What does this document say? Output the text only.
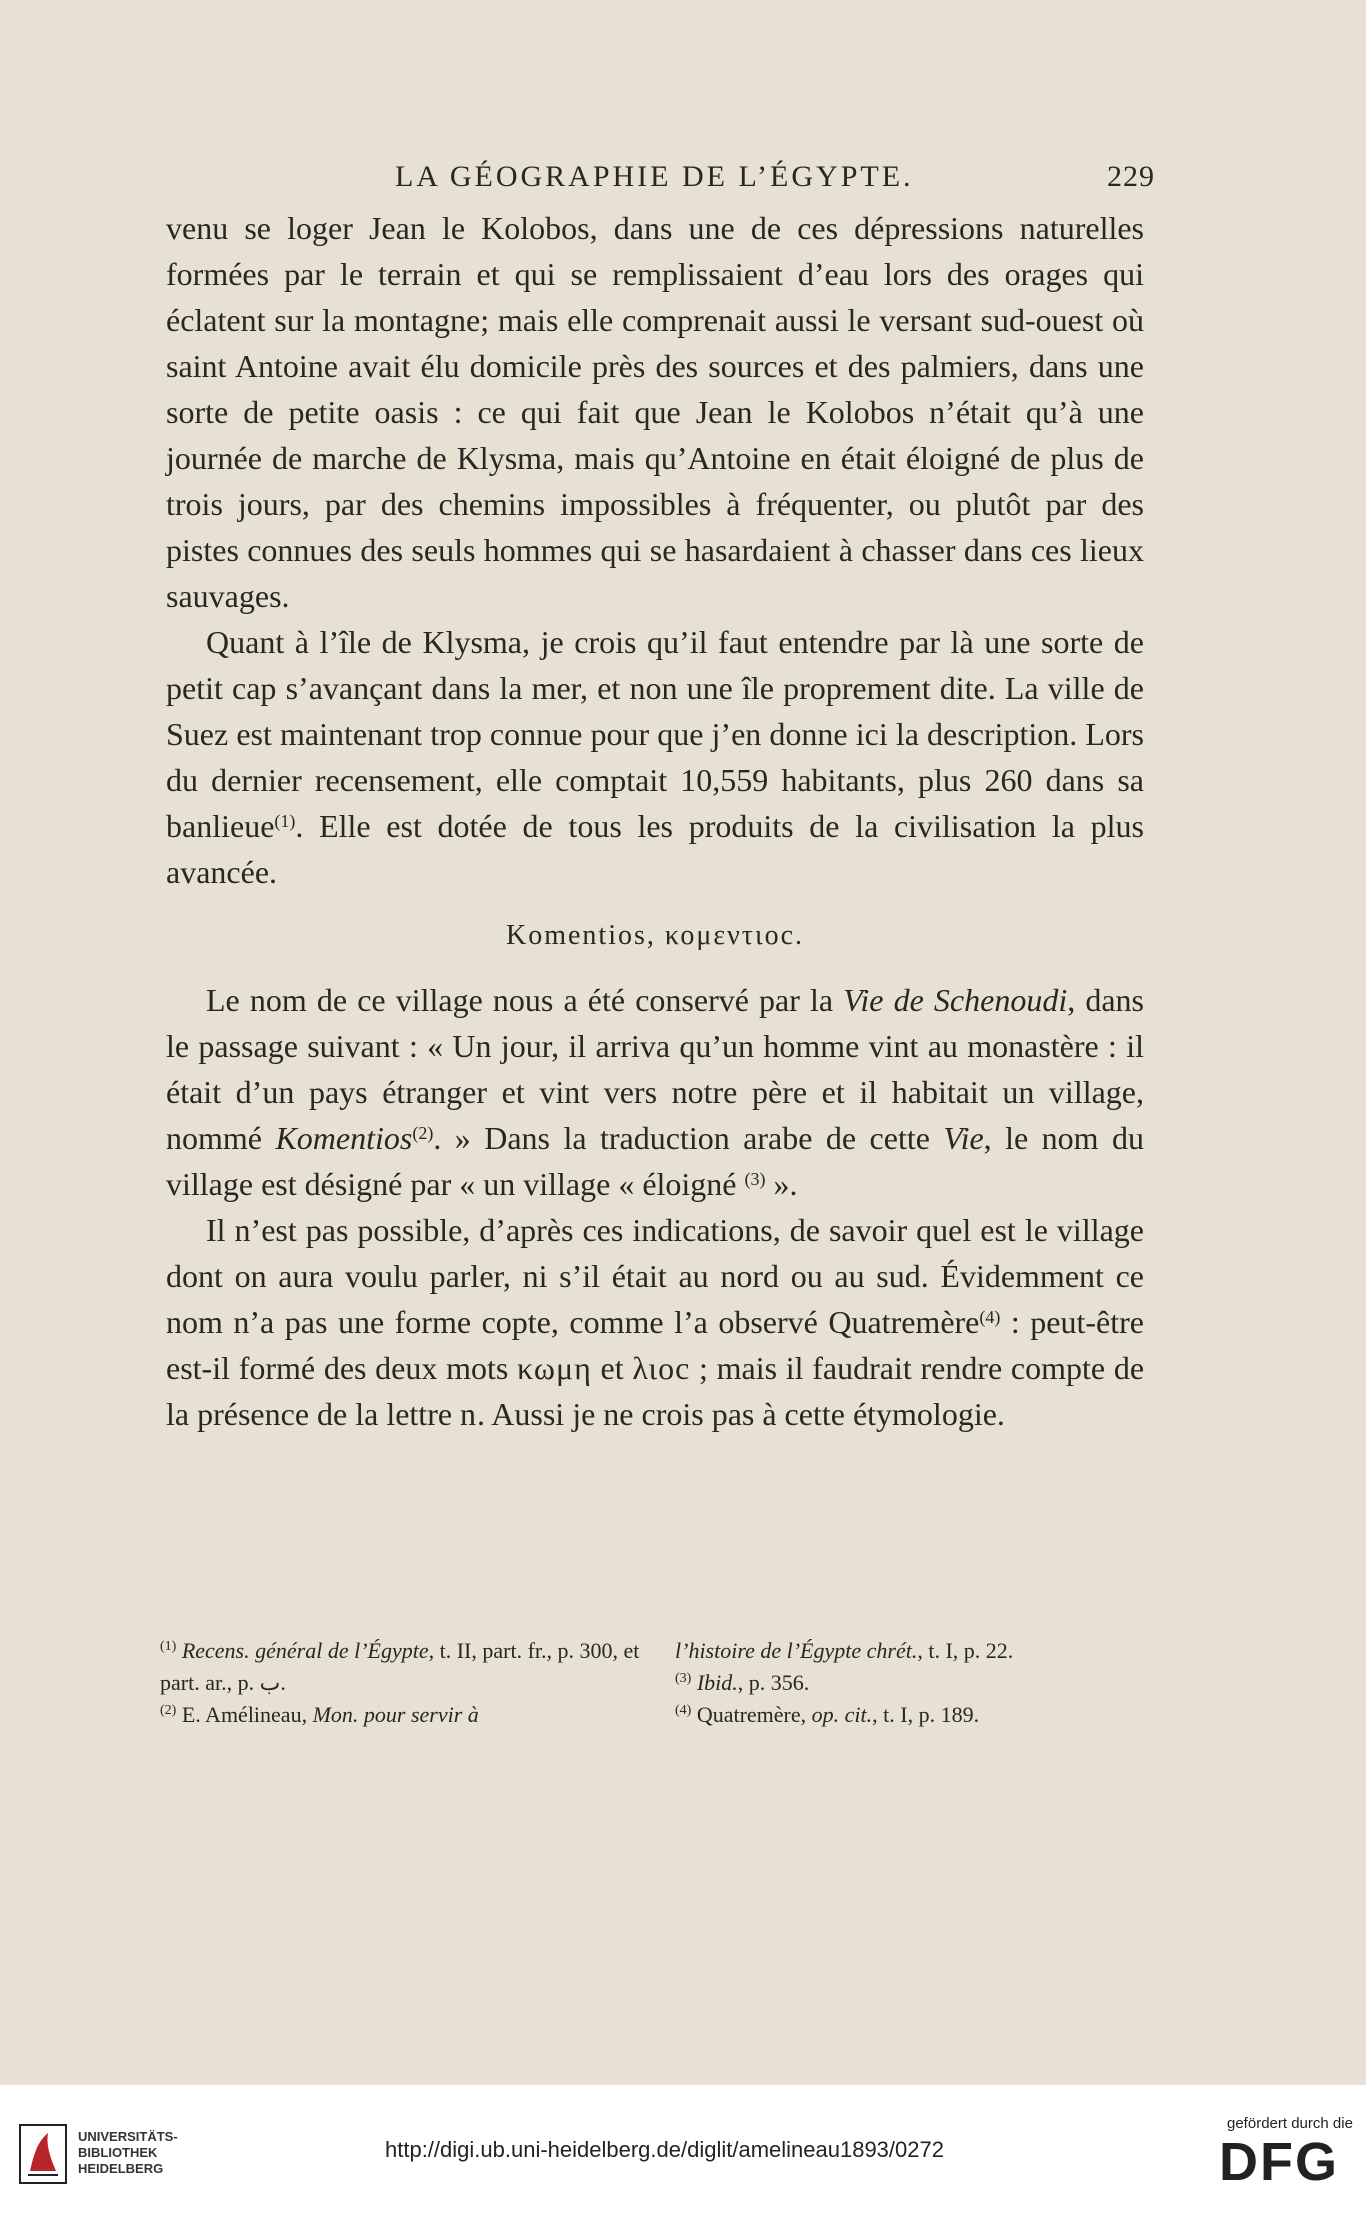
LA GÉOGRAPHIE DE L’ÉGYPTE.	229

venu se loger Jean le Kolobos, dans une de ces dépressions naturelles formées par le terrain et qui se remplissaient d’eau lors des orages qui éclatent sur la montagne; mais elle comprenait aussi le versant sud-ouest où saint Antoine avait élu domicile près des sources et des palmiers, dans une sorte de petite oasis : ce qui fait que Jean le Kolobos n’était qu’à une journée de marche de Klysma, mais qu’Antoine en était éloigné de plus de trois jours, par des chemins impossibles à fréquenter, ou plutôt par des pistes connues des seuls hommes qui se hasardaient à chasser dans ces lieux sauvages.

Quant à l’île de Klysma, je crois qu’il faut entendre par là une sorte de petit cap s’avançant dans la mer, et non une île proprement dite. La ville de Suez est maintenant trop connue pour que j’en donne ici la description. Lors du dernier recensement, elle comptait 10,559 habitants, plus 260 dans sa banlieue$^{(1)}$. Elle est dotée de tous les produits de la civilisation la plus avancée.

Komentios, κομεντιοc.

Le nom de ce village nous a été conservé par la Vie de Schenoudi, dans le passage suivant : « Un jour, il arriva qu’un homme vint au monastère : il était d’un pays étranger et vint vers notre père et il habitait un village, nommé Komentios$^{(2)}$. » Dans la traduction arabe de cette Vie, le nom du village est désigné par « un village « éloigné $^{(3)}$ ».

Il n’est pas possible, d’après ces indications, de savoir quel est le village dont on aura voulu parler, ni s’il était au nord ou au sud. Évidemment ce nom n’a pas une forme copte, comme l’a observé Quatremère$^{(4)}$ : peut-être est-il formé des deux mots κωμη et λιοc ; mais il faudrait rendre compte de la présence de la lettre n. Aussi je ne crois pas à cette étymologie.

$^{(1)}$ Recens. général de l’Égypte, t. II, part. fr., p. 300, et part. ar., p. ‎ب‎.

$^{(2)}$ E. Amélineau, Mon. pour servir à

l’histoire de l’Égypte chrét., t. I, p. 22.

$^{(3)}$ Ibid., p. 356.

$^{(4)}$ Quatremère, op. cit., t. I, p. 189.

UNIVERSITÄTS-
BIBLIOTHEK
HEIDELBERG
http://digi.ub.uni-heidelberg.de/diglit/amelineau1893/0272
gefördert durch die
DFG
